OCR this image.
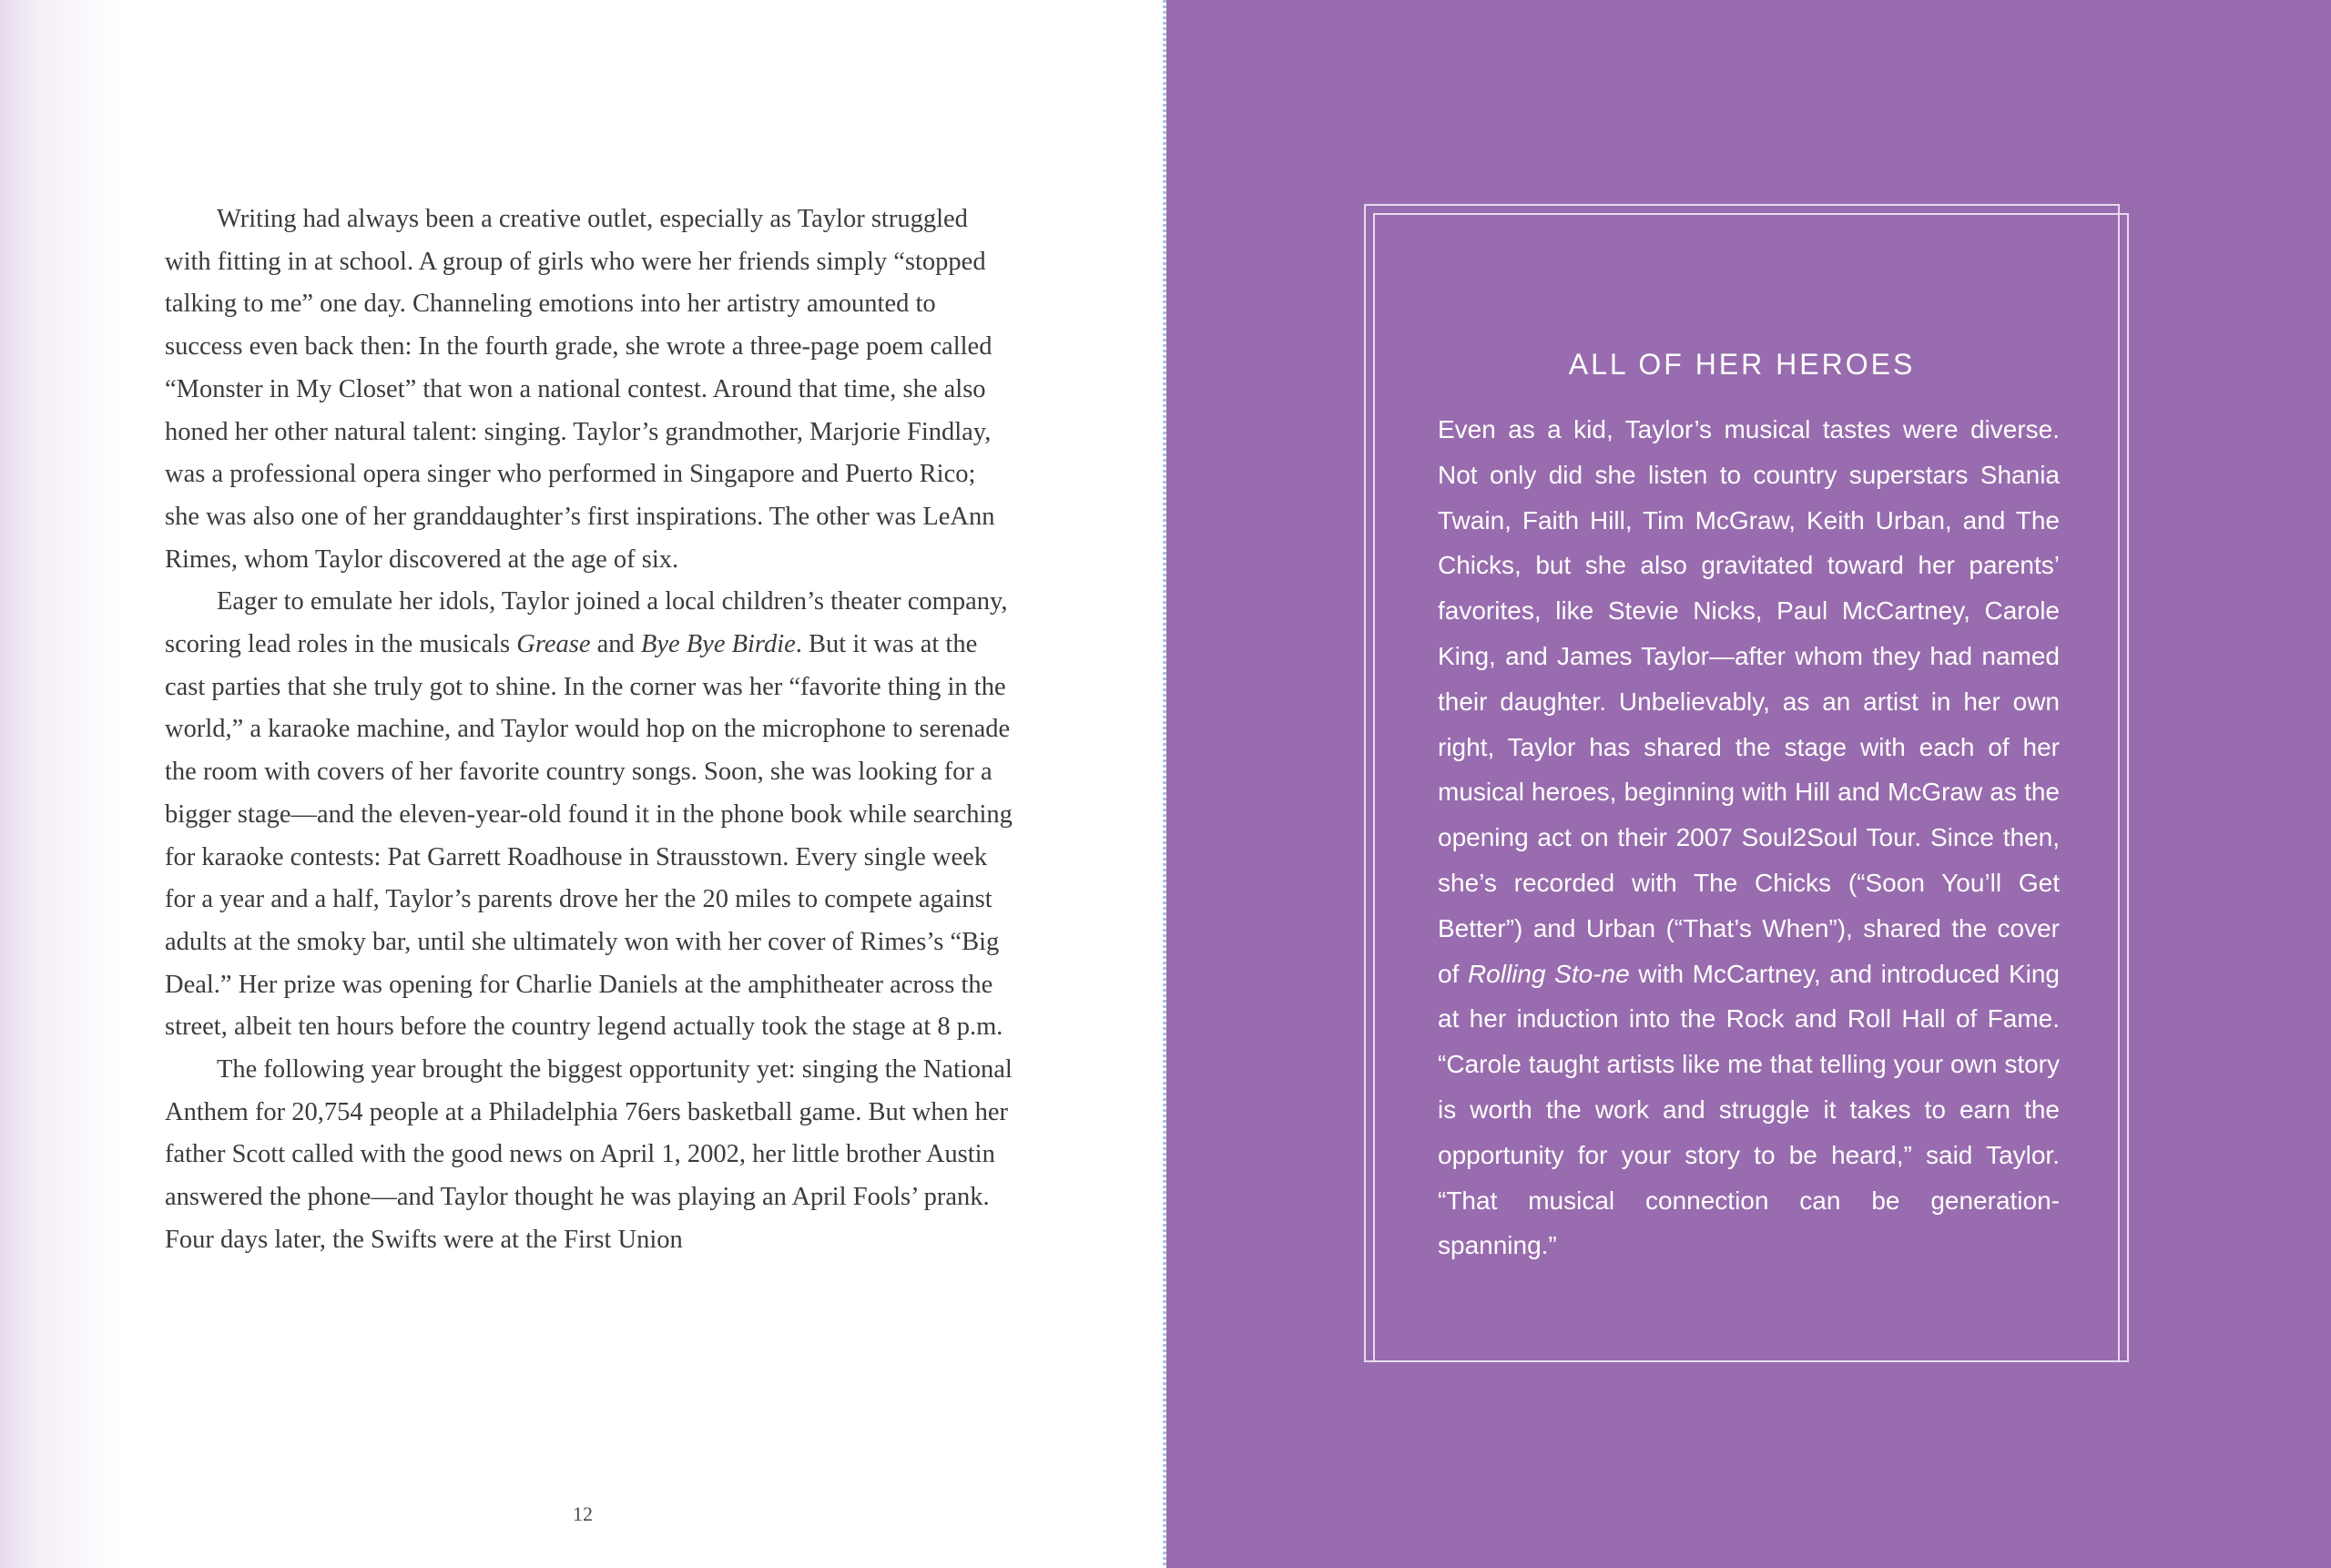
Writing had always been a creative outlet, especially as Taylor struggled with fitting in at school. A group of girls who were her friends simply “stopped talking to me” one day. Channeling emotions into her artistry amounted to success even back then: In the fourth grade, she wrote a three-page poem called “Monster in My Closet” that won a national contest. Around that time, she also honed her other natural talent: singing. Taylor’s grandmother, Marjorie Findlay, was a professional opera singer who performed in Singapore and Puerto Rico; she was also one of her granddaughter’s first inspirations. The other was LeAnn Rimes, whom Taylor discovered at the age of six.

Eager to emulate her idols, Taylor joined a local children’s theater company, scoring lead roles in the musicals Grease and Bye Bye Birdie. But it was at the cast parties that she truly got to shine. In the corner was her “favorite thing in the world,” a karaoke machine, and Taylor would hop on the microphone to serenade the room with covers of her favorite country songs. Soon, she was looking for a bigger stage—and the eleven-year-old found it in the phone book while searching for karaoke contests: Pat Garrett Roadhouse in Strausstown. Every single week for a year and a half, Taylor’s parents drove her the 20 miles to compete against adults at the smoky bar, until she ultimately won with her cover of Rimes’s “Big Deal.” Her prize was opening for Charlie Daniels at the amphitheater across the street, albeit ten hours before the country legend actually took the stage at 8 p.m.

The following year brought the biggest opportunity yet: singing the National Anthem for 20,754 people at a Philadelphia 76ers basketball game. But when her father Scott called with the good news on April 1, 2002, her little brother Austin answered the phone—and Taylor thought he was playing an April Fools’ prank. Four days later, the Swifts were at the First Union

12
ALL OF HER HEROES

Even as a kid, Taylor’s musical tastes were diverse. Not only did she listen to country superstars Shania Twain, Faith Hill, Tim McGraw, Keith Urban, and The Chicks, but she also gravitated toward her parents’ favorites, like Stevie Nicks, Paul McCartney, Carole King, and James Taylor—after whom they had named their daughter. Unbelievably, as an artist in her own right, Taylor has shared the stage with each of her musical heroes, beginning with Hill and McGraw as the opening act on their 2007 Soul2Soul Tour. Since then, she’s recorded with The Chicks (“Soon You’ll Get Better”) and Urban (“That’s When”), shared the cover of Rolling Sto-ne with McCartney, and introduced King at her induction into the Rock and Roll Hall of Fame. “Carole taught artists like me that telling your own story is worth the work and struggle it takes to earn the opportunity for your story to be heard,” said Taylor. “That musical connection can be generation-spanning.”
